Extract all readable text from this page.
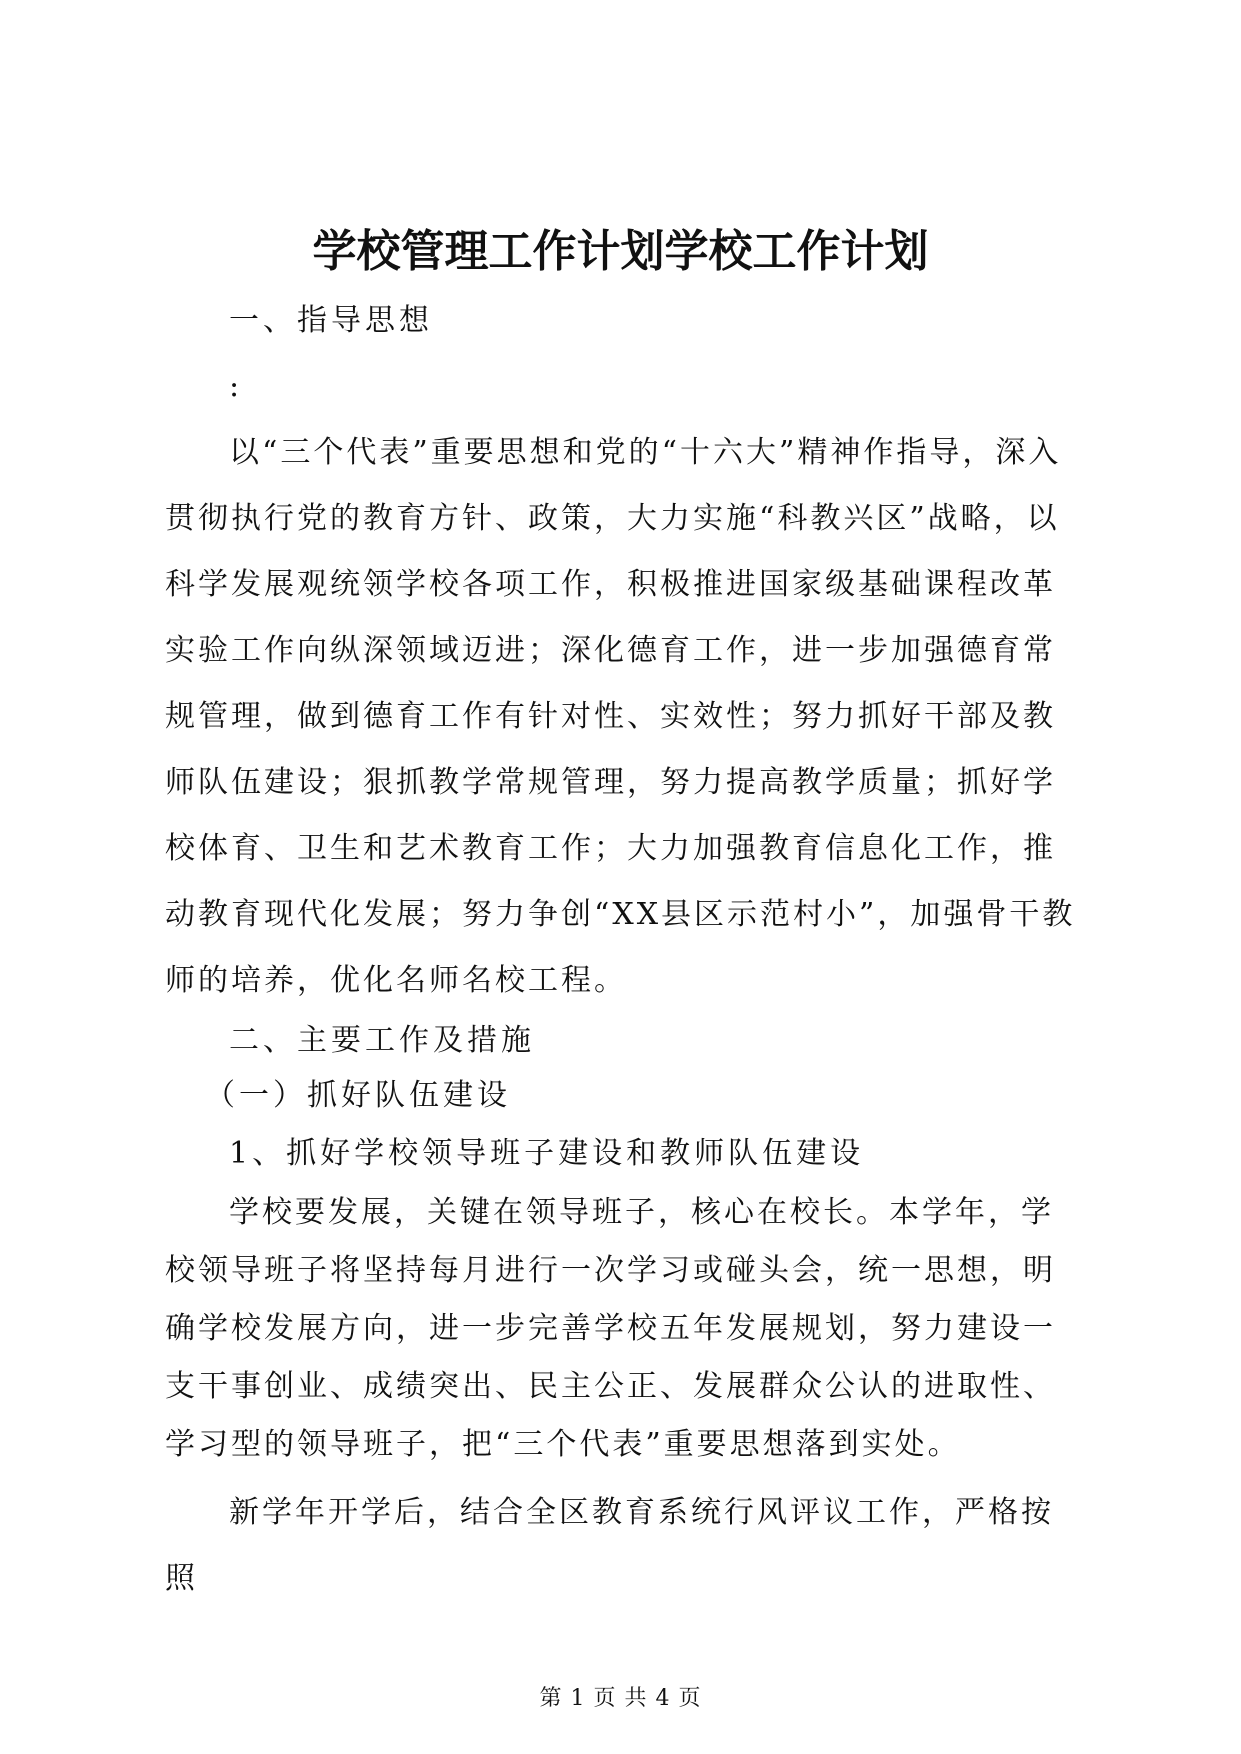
学校管理工作计划学校工作计划

一、指导思想

:

以“三个代表”重要思想和党的“十六大”精神作指导，深入贯彻执行党的教育方针、政策，大力实施“科教兴区”战略，以科学发展观统领学校各项工作，积极推进国家级基础课程改革实验工作向纵深领域迈进；深化德育工作，进一步加强德育常规管理，做到德育工作有针对性、实效性；努力抓好干部及教师队伍建设；狠抓教学常规管理，努力提高教学质量；抓好学校体育、卫生和艺术教育工作；大力加强教育信息化工作，推动教育现代化发展；努力争创“XX县区示范村小”，加强骨干教师的培养，优化名师名校工程。

二、主要工作及措施

（一）抓好队伍建设

1、抓好学校领导班子建设和教师队伍建设

学校要发展，关键在领导班子，核心在校长。本学年，学校领导班子将坚持每月进行一次学习或碰头会，统一思想，明确学校发展方向，进一步完善学校五年发展规划，努力建设一支干事创业、成绩突出、民主公正、发展群众公认的进取性、学习型的领导班子，把“三个代表”重要思想落到实处。

新学年开学后，结合全区教育系统行风评议工作，严格按照

第 1 页 共 4 页
